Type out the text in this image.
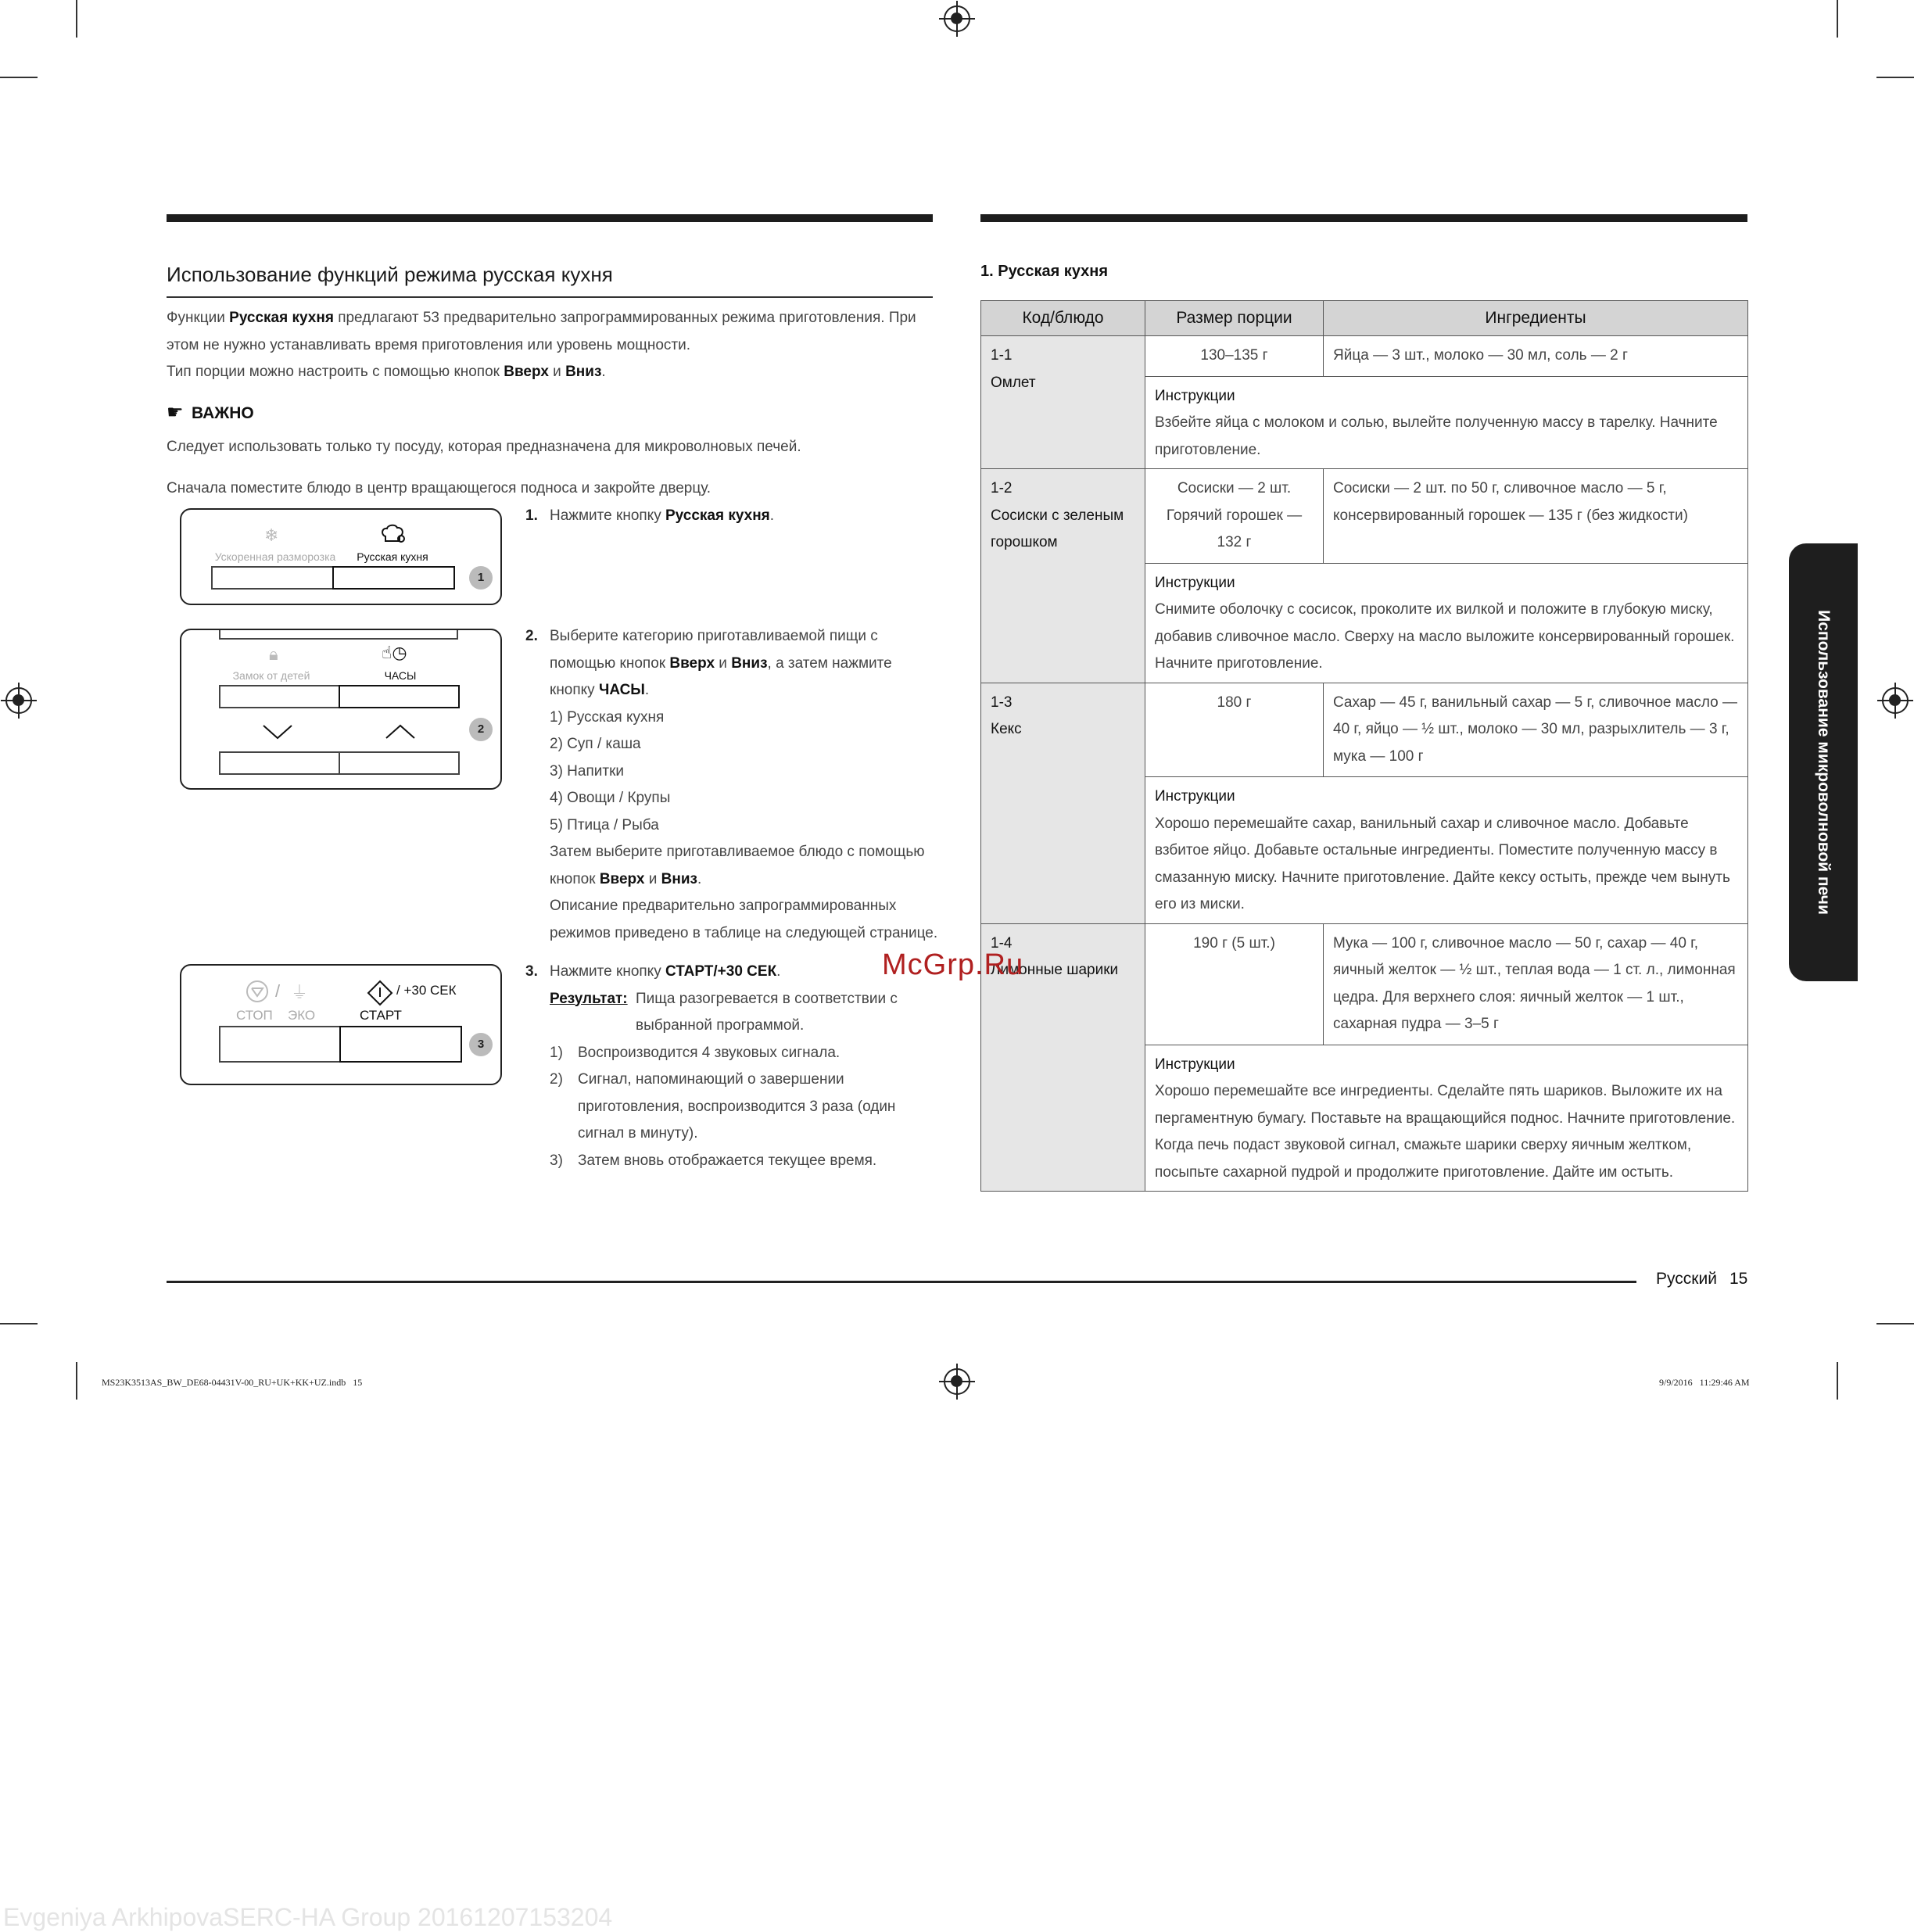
Использование функций режима русская кухня
Функции Русская кухня предлагают 53 предварительно запрограммированных режима приготовления. При
этом не нужно устанавливать время приготовления или уровень мощности.
Тип порции можно настроить с помощью кнопок Вверх и Вниз.
☛ ВАЖНО
Следует использовать только ту посуду, которая предназначена для микроволновых печей.
Сначала поместите блюдо в центр вращающегося подноса и закройте дверцу.
❄
Ускоренная разморозка	Русская кухня
1
🔒︎	☝◷
Замок от детей	ЧАСЫ
2
/ ⏚	/ +30 СЕК
СТОП ЭКО	СТАРТ
3
1. Нажмите кнопку Русская кухня.
2. Выберите категорию приготавливаемой пищи с
помощью кнопок Вверх и Вниз, а затем нажмите
кнопку ЧАСЫ.
1) Русская кухня
2) Суп / каша
3) Напитки
4) Овощи / Крупы
5) Птица / Рыба
Затем выберите приготавливаемое блюдо с помощью
кнопок Вверх и Вниз.
Описание предварительно запрограммированных
режимов приведено в таблице на следующей странице.
3. Нажмите кнопку СТАРТ/+30 СЕК.
Результат: Пища разогревается в соответствии с
выбранной программой.
1) Воспроизводится 4 звуковых сигнала.
2) Сигнал, напоминающий о завершении
приготовления, воспроизводится 3 раза (один
сигнал в минуту).
3) Затем вновь отображается текущее время.
1. Русская кухня
Код/блюдо	Размер порции	Ингредиенты

1-1
Омлет	130–135 г	Яйца — 3 шт., молоко — 30 мл, соль — 2 г

	Инструкции
Взбейте яйца с молоком и солью, вылейте полученную массу в тарелку. Начните приготовление.	

1-2
Сосиски с зеленым горошком	Сосиски — 2 шт. Горячий горошек — 132 г	Сосиски — 2 шт. по 50 г, сливочное масло — 5 г, консервированный горошек — 135 г (без жидкости)

	Инструкции
Снимите оболочку с сосисок, проколите их вилкой и положите в глубокую миску, добавив сливочное масло. Сверху на масло выложите консервированный горошек. Начните приготовление.	

1-3
Кекс	180 г	Сахар — 45 г, ванильный сахар — 5 г, сливочное масло — 40 г, яйцо — ½ шт., молоко — 30 мл, разрыхлитель — 3 г, мука — 100 г

	Инструкции
Хорошо перемешайте сахар, ванильный сахар и сливочное масло. Добавьте взбитое яйцо. Добавьте остальные ингредиенты. Поместите полученную массу в смазанную миску. Начните приготовление. Дайте кексу остыть, прежде чем вынуть его из миски.	

1-4
Лимонные шарики	190 г (5 шт.)	Мука — 100 г, сливочное масло — 50 г, сахар — 40 г, яичный желток — ½ шт., теплая вода — 1 ст. л., лимонная цедра. Для верхнего слоя: яичный желток — 1 шт., сахарная пудра — 3–5 г

	Инструкции
Хорошо перемешайте все ингредиенты. Сделайте пять шариков. Выложите их на пергаментную бумагу. Поставьте на вращающийся поднос. Начните приготовление. Когда печь подаст звуковой сигнал, смажьте шарики сверху яичным желтком, посыпьте сахарной пудрой и продолжите приготовление. Дайте им остыть.	
McGrp.Ru
Использование микроволновой печи
Русский 15
MS23K3513AS_BW_DE68-04431V-00_RU+UK+KK+UZ.indb   15	9/9/2016   11:29:46 AM
Evgeniya ArkhipovaSERC-HA Group 20161207153204
